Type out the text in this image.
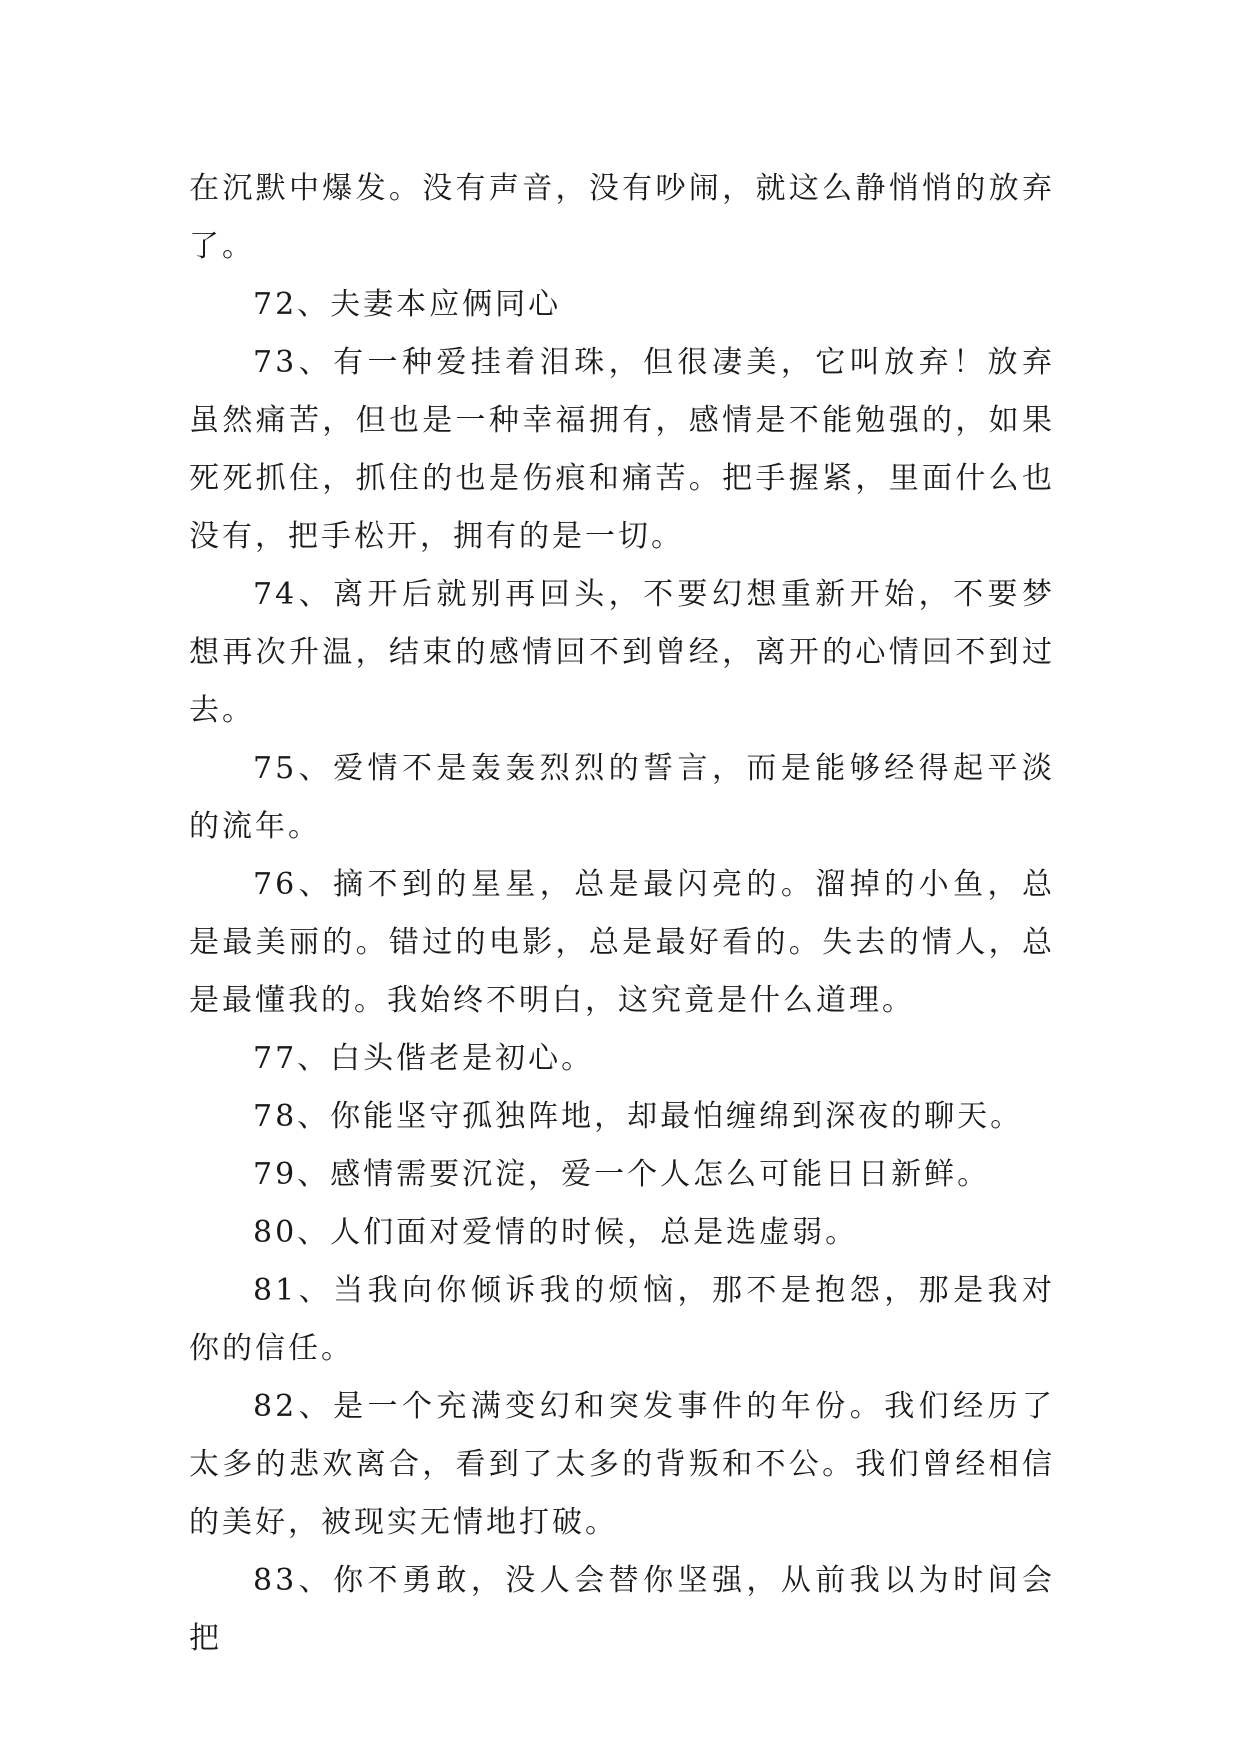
在沉默中爆发。没有声音，没有吵闹，就这么静悄悄的放弃了。

72、夫妻本应俩同心

73、有一种爱挂着泪珠，但很凄美，它叫放弃！放弃虽然痛苦，但也是一种幸福拥有，感情是不能勉强的，如果死死抓住，抓住的也是伤痕和痛苦。把手握紧，里面什么也没有，把手松开，拥有的是一切。

74、离开后就别再回头，不要幻想重新开始，不要梦想再次升温，结束的感情回不到曾经，离开的心情回不到过去。

75、爱情不是轰轰烈烈的誓言，而是能够经得起平淡的流年。

76、摘不到的星星，总是最闪亮的。溜掉的小鱼，总是最美丽的。错过的电影，总是最好看的。失去的情人，总是最懂我的。我始终不明白，这究竟是什么道理。

77、白头偕老是初心。

78、你能坚守孤独阵地，却最怕缠绵到深夜的聊天。

79、感情需要沉淀，爱一个人怎么可能日日新鲜。

80、人们面对爱情的时候，总是选虚弱。

81、当我向你倾诉我的烦恼，那不是抱怨，那是我对你的信任。

82、是一个充满变幻和突发事件的年份。我们经历了太多的悲欢离合，看到了太多的背叛和不公。我们曾经相信的美好，被现实无情地打破。

83、你不勇敢，没人会替你坚强，从前我以为时间会把
